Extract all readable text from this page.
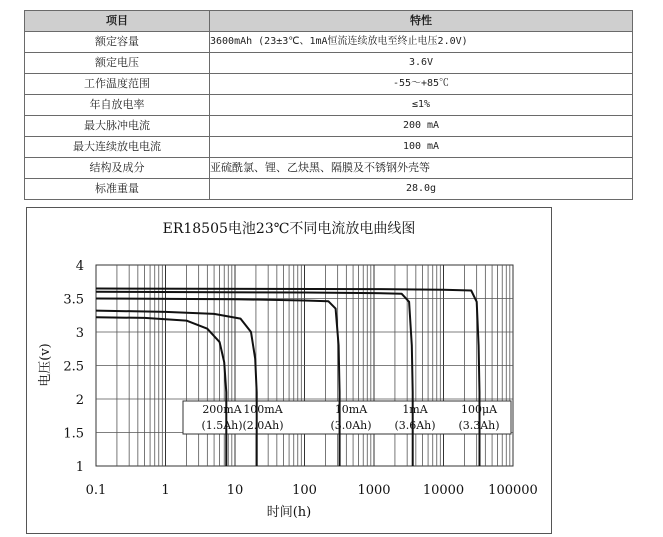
项目	特性
额定容量	3600mAh (23±3℃、1mA恒流连续放电至终止电压2.0V)
额定电压	3.6V
工作温度范围	-55～+85℃
年自放电率	≤1%
最大脉冲电流	200 mA
最大连续放电电流	100 mA
结构及成分	亚硫酰氯、锂、乙炔黑、隔膜及不锈钢外壳等
标准重量	28.0g
ER18505电池23℃不同电流放电曲线图
4
3.5
3
2.5
2
1.5
1
0.1	1	10	100	1000 10000 100000
时间(h)
电压(v)
200mA
(1.5Ah)
100mA
(2.0Ah)
10mA
(3.0Ah)
1mA
(3.6Ah)
100μA
(3.3Ah)
